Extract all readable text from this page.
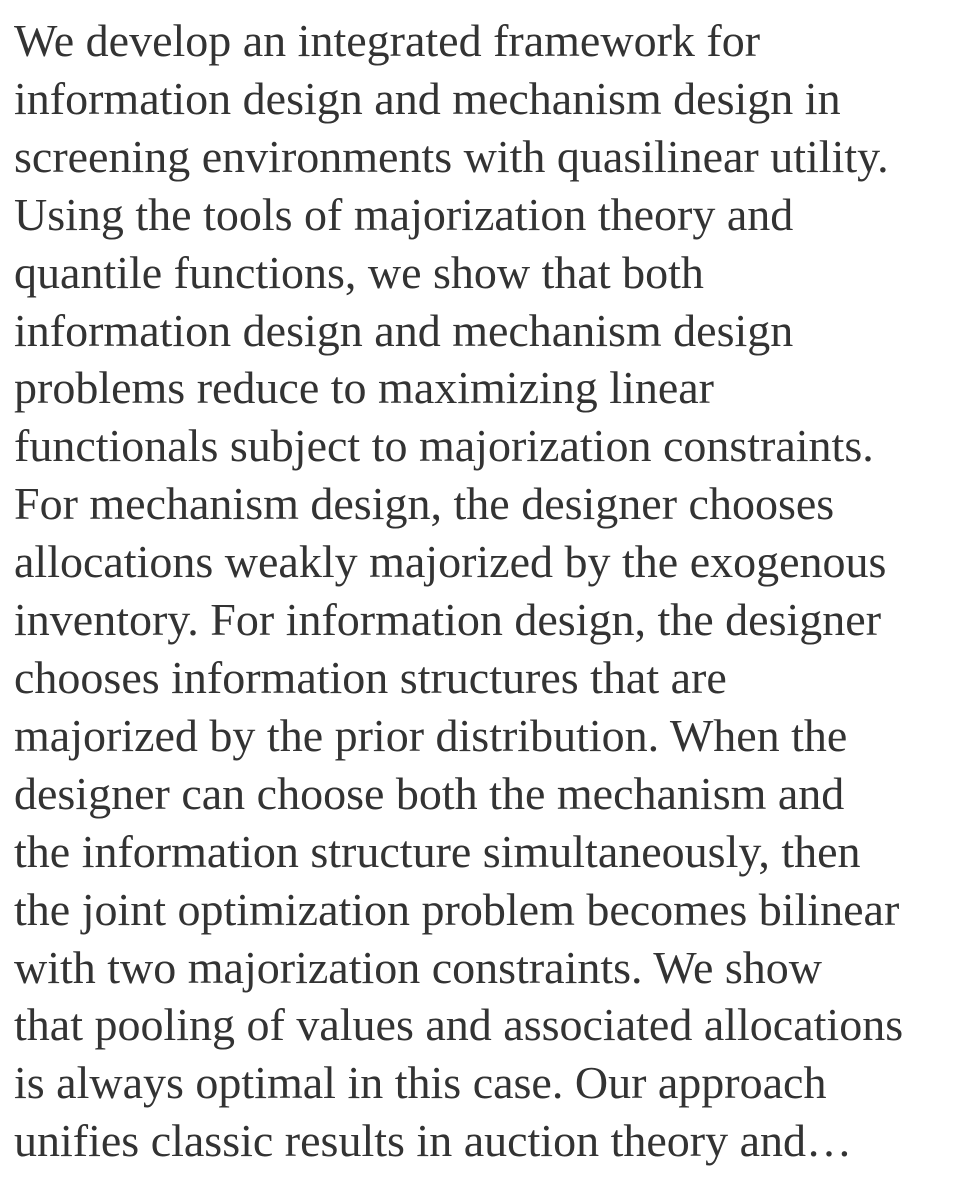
We develop an integrated framework for
information design and mechanism design in
screening environments with quasilinear utility.
Using the tools of majorization theory and
quantile functions, we show that both
information design and mechanism design
problems reduce to maximizing linear
functionals subject to majorization constraints.
For mechanism design, the designer chooses
allocations weakly majorized by the exogenous
inventory. For information design, the designer
chooses information structures that are
majorized by the prior distribution. When the
designer can choose both the mechanism and
the information structure simultaneously, then
the joint optimization problem becomes bilinear
with two majorization constraints. We show
that pooling of values and associated allocations
is always optimal in this case. Our approach
unifies classic results in auction theory and…
